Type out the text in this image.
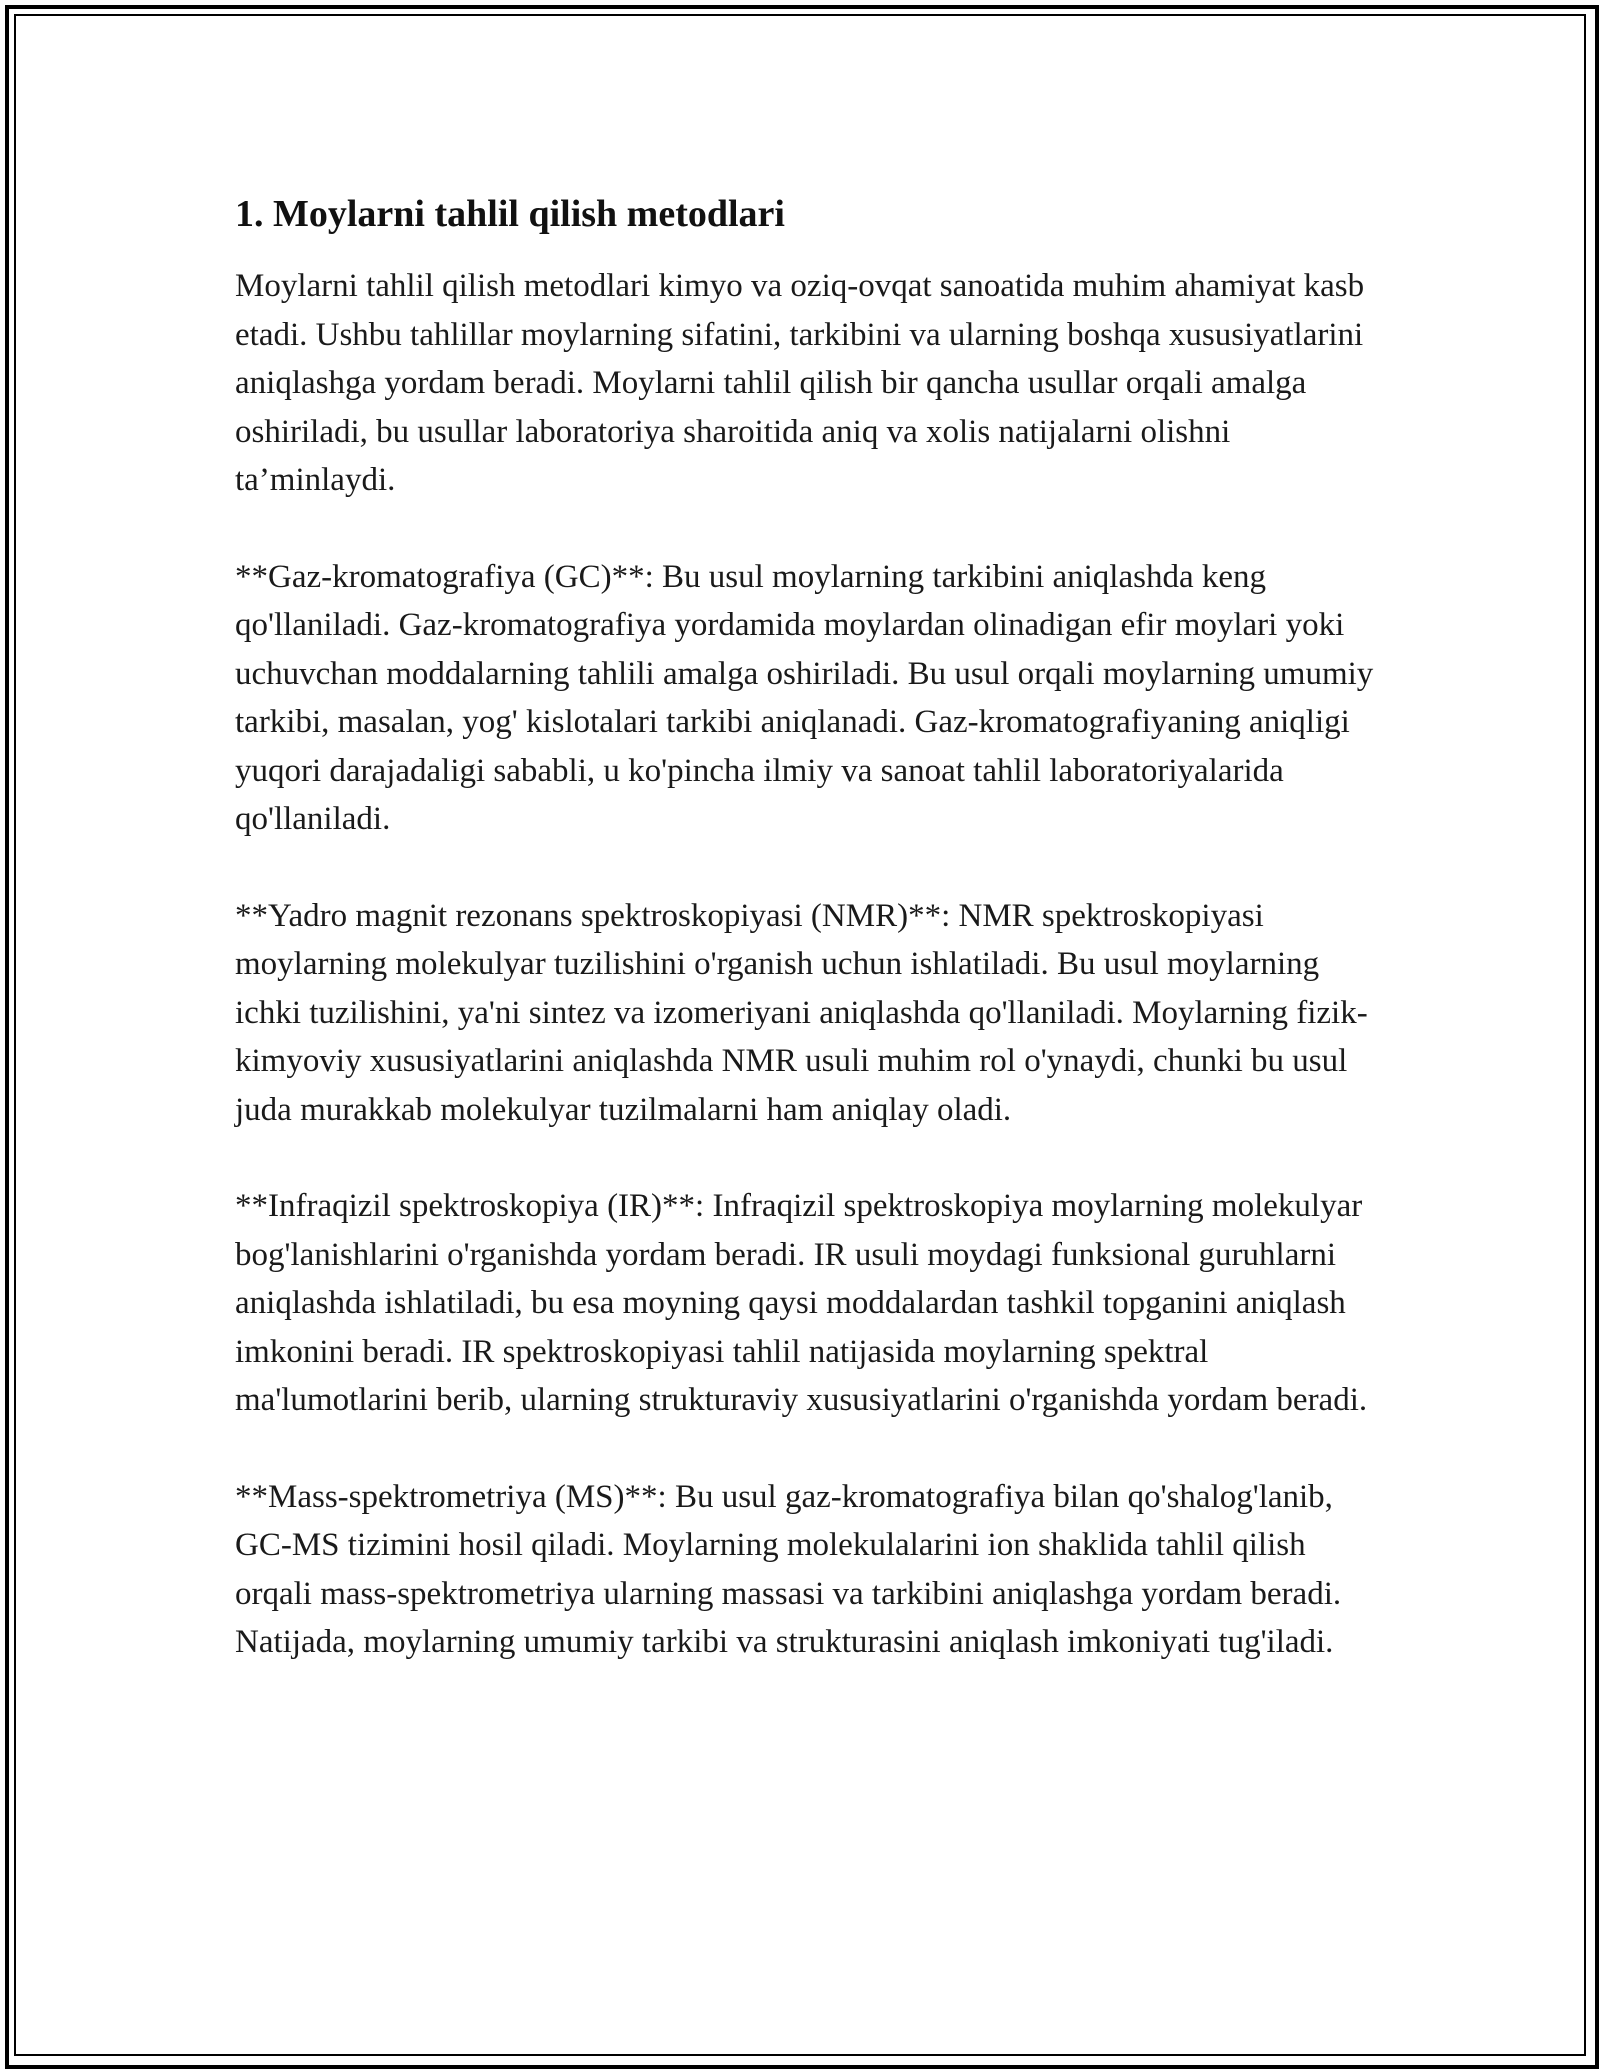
1. Moylarni tahlil qilish metodlari

Moylarni tahlil qilish metodlari kimyo va oziq-ovqat sanoatida muhim ahamiyat kasb etadi. Ushbu tahlillar moylarning sifatini, tarkibini va ularning boshqa xususiyatlarini aniqlashga yordam beradi. Moylarni tahlil qilish bir qancha usullar orqali amalga oshiriladi, bu usullar laboratoriya sharoitida aniq va xolis natijalarni olishni ta’minlaydi.

**Gaz-kromatografiya (GC)**: Bu usul moylarning tarkibini aniqlashda keng qo'llaniladi. Gaz-kromatografiya yordamida moylardan olinadigan efir moylari yoki uchuvchan moddalarning tahlili amalga oshiriladi. Bu usul orqali moylarning umumiy tarkibi, masalan, yog' kislotalari tarkibi aniqlanadi. Gaz-kromatografiyaning aniqligi yuqori darajadaligi sababli, u ko'pincha ilmiy va sanoat tahlil laboratoriyalarida qo'llaniladi.

**Yadro magnit rezonans spektroskopiyasi (NMR)**: NMR spektroskopiyasi moylarning molekulyar tuzilishini o'rganish uchun ishlatiladi. Bu usul moylarning ichki tuzilishini, ya'ni sintez va izomeriyani aniqlashda qo'llaniladi. Moylarning fizik-kimyoviy xususiyatlarini aniqlashda NMR usuli muhim rol o'ynaydi, chunki bu usul juda murakkab molekulyar tuzilmalarni ham aniqlay oladi.

**Infraqizil spektroskopiya (IR)**: Infraqizil spektroskopiya moylarning molekulyar bog'lanishlarini o'rganishda yordam beradi. IR usuli moydagi funksional guruhlarni aniqlashda ishlatiladi, bu esa moyning qaysi moddalardan tashkil topganini aniqlash imkonini beradi. IR spektroskopiyasi tahlil natijasida moylarning spektral ma'lumotlarini berib, ularning strukturaviy xususiyatlarini o'rganishda yordam beradi.

**Mass-spektrometriya (MS)**: Bu usul gaz-kromatografiya bilan qo'shalog'lanib, GC-MS tizimini hosil qiladi. Moylarning molekulalarini ion shaklida tahlil qilish orqali mass-spektrometriya ularning massasi va tarkibini aniqlashga yordam beradi. Natijada, moylarning umumiy tarkibi va strukturasini aniqlash imkoniyati tug'iladi.
